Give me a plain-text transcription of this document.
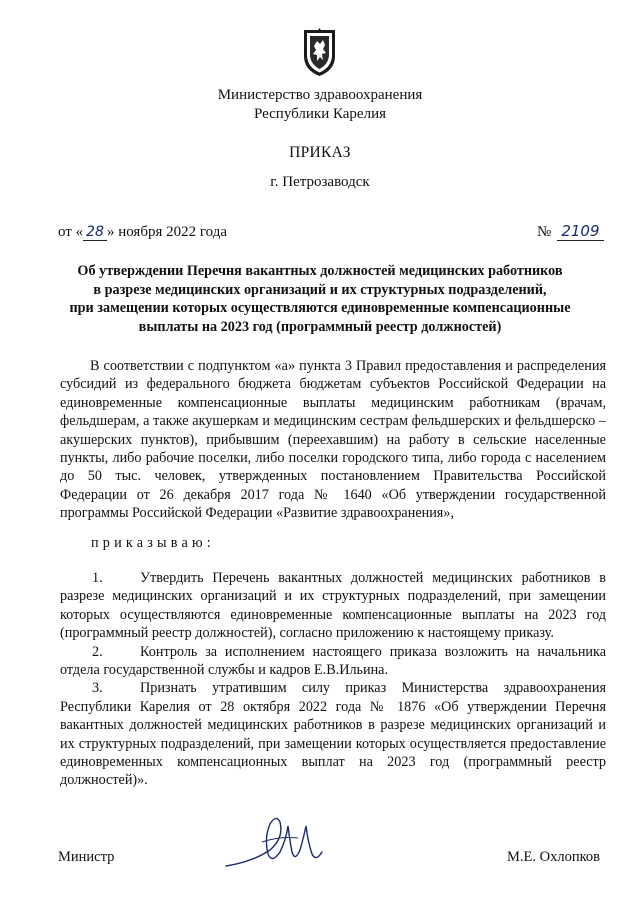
Министерство здравоохранения
Республики Карелия
ПРИКАЗ
г. Петрозаводск
от « 28 » ноября 2022 года	№ 2109
Об утверждении Перечня вакантных должностей медицинских работников
в разрезе медицинских организаций и их структурных подразделений,
при замещении которых осуществляются единовременные компенсационные
выплаты на 2023 год (программный реестр должностей)
В соответствии с подпунктом «а» пункта 3 Правил предоставления и распределения субсидий из федерального бюджета бюджетам субъектов Российской Федерации на единовременные компенсационные выплаты медицинским работникам (врачам, фельдшерам, а также акушеркам и медицинским сестрам фельдшерских и фельдшерско – акушерских пунктов), прибывшим (переехавшим) на работу в сельские населенные пункты, либо рабочие поселки, либо поселки городского типа, либо города с населением до 50 тыс. человек, утвержденных постановлением Правительства Российской Федерации от 26 декабря 2017 года № 1640 «Об утверждении государственной программы Российской Федерации «Развитие здравоохранения»,
приказываю:
1.	Утвердить Перечень вакантных должностей медицинских работников в разрезе медицинских организаций и их структурных подразделений, при замещении которых осуществляются единовременные компенсационные выплаты на 2023 год (программный реестр должностей), согласно приложению к настоящему приказу.
2.	Контроль за исполнением настоящего приказа возложить на начальника отдела государственной службы и кадров Е.В.Ильина.
3.	Признать утратившим силу приказ Министерства здравоохранения Республики Карелия от 28 октября 2022 года № 1876 «Об утверждении Перечня вакантных должностей медицинских работников в разрезе медицинских организаций и их структурных подразделений, при замещении которых осуществляется предоставление единовременных компенсационных выплат на 2023 год (программный реестр должностей)».
Министр	М.Е. Охлопков
